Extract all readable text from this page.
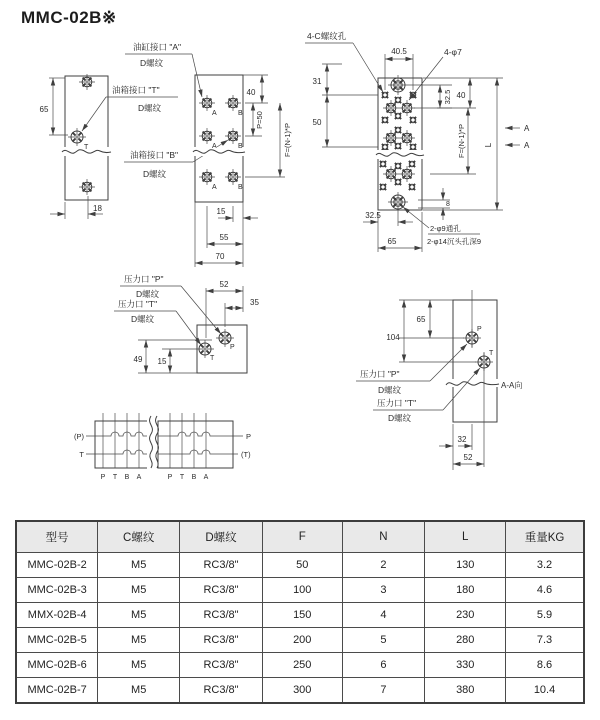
MMC-02B※
T
65
18
油缸接口 "A"
D螺纹
油箱接口 "T"
D螺纹
油箱接口 "B"
D螺纹
A	B
A	B
A	B
40
P=50
F=(N-1)*P
15
55
70
4-C螺纹孔
4-φ7
31
50
40.5
32.5 40
F=(N-1)*P L
A
A
8
32.5
65
2-φ9通孔
2-φ14沉头孔深9
压力口 "P"
D螺纹
压力口 "T"
D螺纹
P
T
52
35
49 15
(P)
T
P
(T)
P T B A	P T B A
P
T
65
104
压力口 "P"
D螺纹
压力口 "T"
D螺纹
A-A向
32
52
型号	C螺纹	D螺纹	F	N	L	重量KG
MMC-02B-2	M5	RC3/8"	50	2	130	3.2
MMC-02B-3	M5	RC3/8"	100	3	180	4.6
MMX-02B-4	M5	RC3/8"	150	4	230	5.9
MMC-02B-5	M5	RC3/8"	200	5	280	7.3
MMC-02B-6	M5	RC3/8"	250	6	330	8.6
MMC-02B-7	M5	RC3/8"	300	7	380	10.4
